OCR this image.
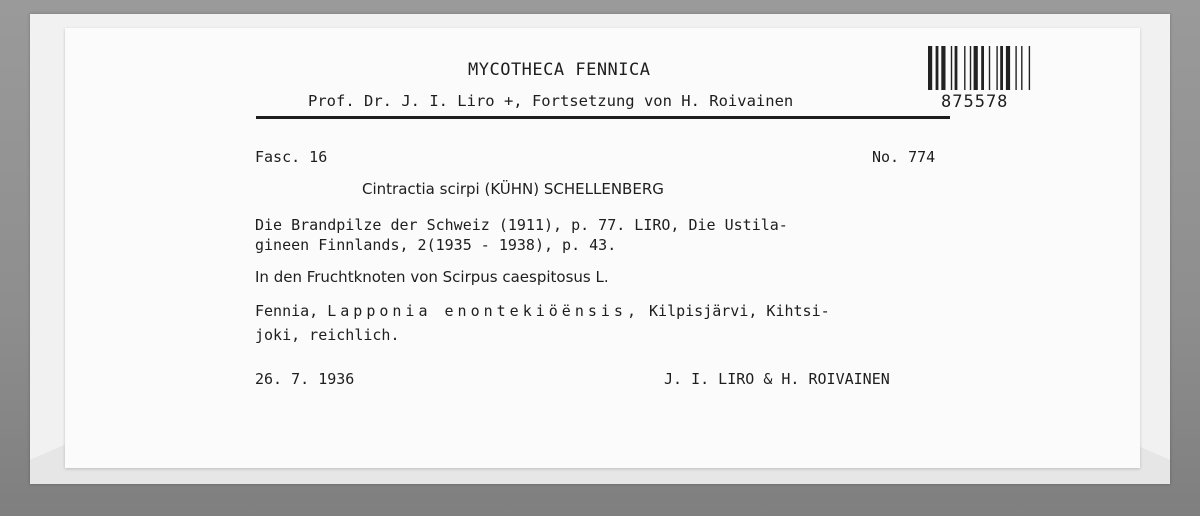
MYCOTHECA FENNICA
Prof. Dr. J. I. Liro +, Fortsetzung von H. Roivainen	875578
Fasc. 16	No. 774
Cintractia scirpi (KÜHN) SCHELLENBERG
Die Brandpilze der Schweiz (1911), p. 77. LIRO, Die Ustila-
gineen Finnlands, 2(1935 - 1938), p. 43.
In den Fruchtknoten von Scirpus caespitosus L.
Fennia, Lapponia enontekiöënsis, Kilpisjärvi, Kihtsi-
joki, reichlich.
26. 7. 1936	J. I. LIRO & H. ROIVAINEN
